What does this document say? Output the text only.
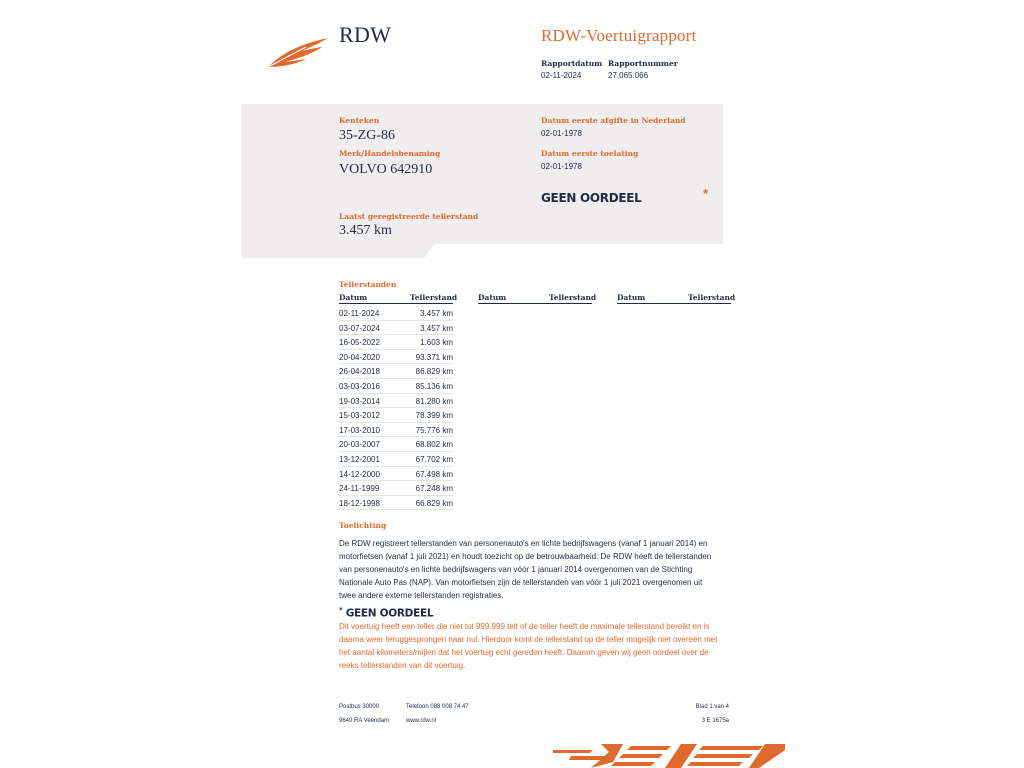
RDW	RDW-Voertuigrapport
Rapportdatum
02-11-2024
Rapportnummer
27.065.066
Kenteken
35-ZG-86
Merk/Handelsbenaming
VOLVO 642910
Datum eerste afgifte in Nederland
02-01-1978
Datum eerste toelating
02-01-1978
GEEN OORDEEL	*
Laatst geregistreerde tellerstand
3.457 km
Tellerstanden
Datum	Tellerstand	Datum	Tellerstand	Datum	Tellerstand
02-11-2024	3.457 km
03-07-2024	3.457 km
16-05-2022	1.603 km
20-04-2020	93.371 km
26-04-2018	86.829 km
03-03-2016	85.136 km
19-03-2014	81.280 km
15-03-2012	78.399 km
17-03-2010	75.776 km
20-03-2007	68.802 km
13-12-2001	67.702 km
14-12-2000	67.498 km
24-11-1999	67.248 km
18-12-1998	66.829 km
Toelichting
De RDW registreert tellerstanden van personenauto's en lichte bedrijfswagens (vanaf 1 januari 2014) en
motorfietsen (vanaf 1 juli 2021) en houdt toezicht op de betrouwbaarheid. De RDW heeft de tellerstanden
van personenauto's en lichte bedrijfswagens van vóór 1 januari 2014 overgenomen van de Stichting
Nationale Auto Pas (NAP). Van motorfietsen zijn de tellerstanden van vóór 1 juli 2021 overgenomen uit
twee andere externe tellerstanden registraties.
* GEEN OORDEEL
Dit voertuig heeft een teller die niet tot 999.999 telt of de teller heeft de maximale tellerstand bereikt en is
daarna weer teruggesprongen naar nul. Hierdoor komt de tellerstand op de teller mogelijk niet overeen met
het aantal kilometers/mijlen dat het voertuig echt gereden heeft. Daarom geven wij geen oordeel over de
reeks tellerstanden van dit voertuig.
Postbus 30000
9640 RA Veendam
Telefoon 088 008 74 47
www.rdw.nl
Blad 1 van 4
3 E 1675a
